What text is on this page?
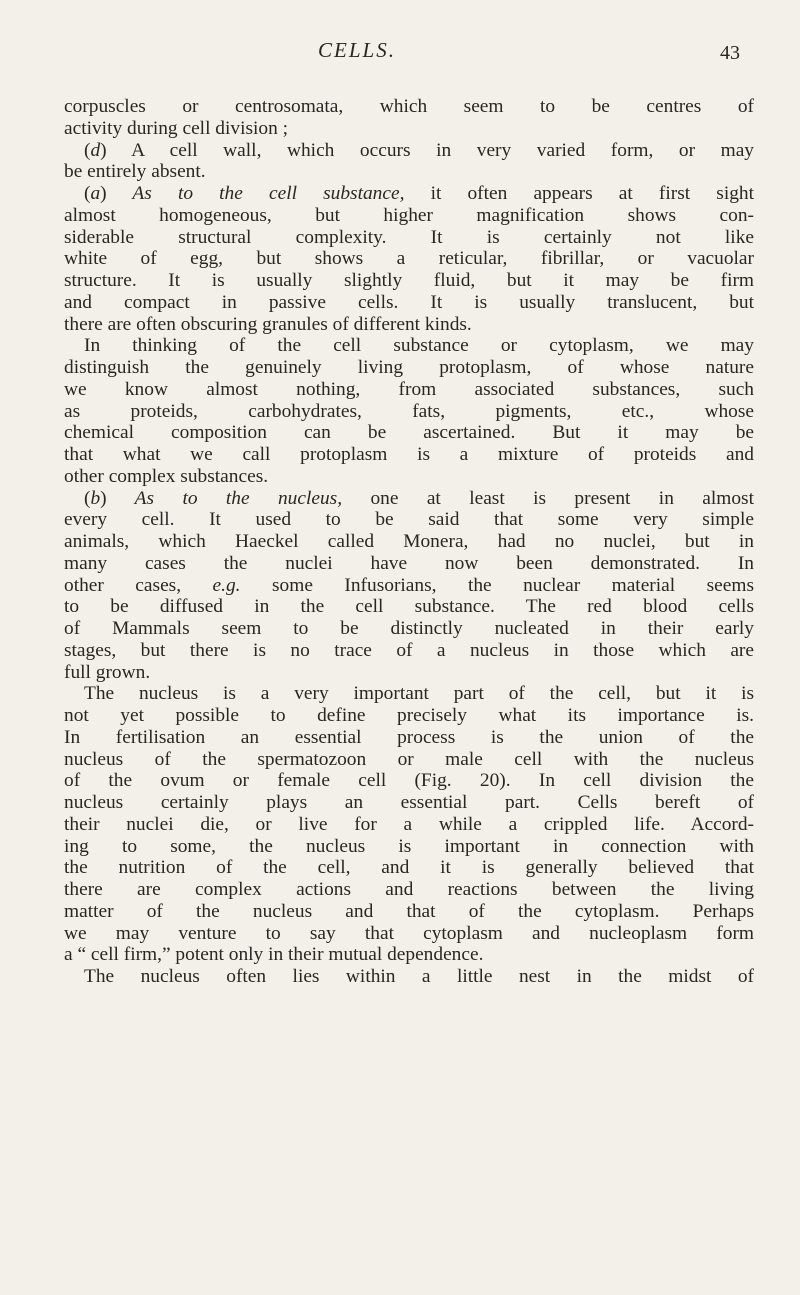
CELLS.	43
corpuscles or centrosomata, which seem to be centres of
activity during cell division ;
(d) A cell wall, which occurs in very varied form, or may
be entirely absent.
(a) As to the cell substance, it often appears at first sight
almost homogeneous, but higher magnification shows con-
siderable structural complexity. It is certainly not like
white of egg, but shows a reticular, fibrillar, or vacuolar
structure. It is usually slightly fluid, but it may be firm
and compact in passive cells. It is usually translucent, but
there are often obscuring granules of different kinds.
In thinking of the cell substance or cytoplasm, we may
distinguish the genuinely living protoplasm, of whose nature
we know almost nothing, from associated substances, such
as proteids, carbohydrates, fats, pigments, etc., whose
chemical composition can be ascertained. But it may be
that what we call protoplasm is a mixture of proteids and
other complex substances.
(b) As to the nucleus, one at least is present in almost
every cell. It used to be said that some very simple
animals, which Haeckel called Monera, had no nuclei, but in
many cases the nuclei have now been demonstrated. In
other cases, e.g. some Infusorians, the nuclear material seems
to be diffused in the cell substance. The red blood cells
of Mammals seem to be distinctly nucleated in their early
stages, but there is no trace of a nucleus in those which are
full grown.
The nucleus is a very important part of the cell, but it is
not yet possible to define precisely what its importance is.
In fertilisation an essential process is the union of the
nucleus of the spermatozoon or male cell with the nucleus
of the ovum or female cell (Fig. 20). In cell division the
nucleus certainly plays an essential part. Cells bereft of
their nuclei die, or live for a while a crippled life. Accord-
ing to some, the nucleus is important in connection with
the nutrition of the cell, and it is generally believed that
there are complex actions and reactions between the living
matter of the nucleus and that of the cytoplasm. Perhaps
we may venture to say that cytoplasm and nucleoplasm form
a “ cell firm,” potent only in their mutual dependence.
The nucleus often lies within a little nest in the midst of
